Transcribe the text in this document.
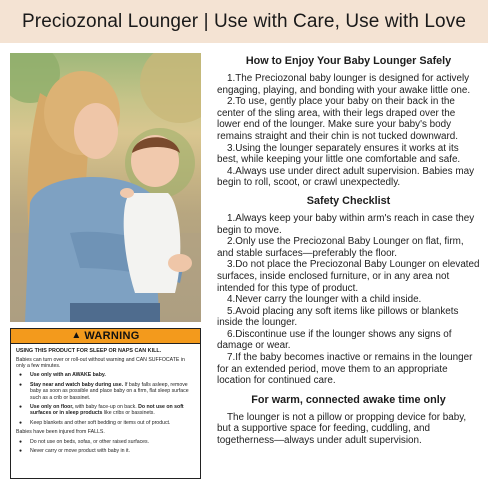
Preciozonal Lounger | Use with Care, Use with Love
▲ WARNING
USING THIS PRODUCT FOR SLEEP OR NAPS CAN KILL.
Babies can turn over or roll-out without warning and CAN SUFFOCATE in only a few minutes.
● Use only with an AWAKE baby.
● Stay near and watch baby during use. If baby falls asleep, remove baby as soon as possible and place baby on a firm, flat sleep surface such as a crib or bassinet.
● Use only on floor, with baby face-up on back. Do not use on soft surfaces or in sleep products like cribs or bassinets.
● Keep blankets and other soft bedding or items out of product.
Babies have been injured from FALLS.
● Do not use on beds, sofas, or other raised surfaces.
● Never carry or move product with baby in it.
How to Enjoy Your Baby Lounger Safely

1.The Preciozonal baby lounger is designed for actively engaging, playing, and bonding with your awake little one.

2.To use, gently place your baby on their back in the center of the sling area, with their legs draped over the lower end of the lounger. Make sure your baby's body remains straight and their chin is not tucked downward.

3.Using the lounger separately ensures it works at its best, while keeping your little one comfortable and safe.

4.Always use under direct adult supervision. Babies may begin to roll, scoot, or crawl unexpectedly.

Safety Checklist

1.Always keep your baby within arm's reach in case they begin to move.

2.Only use the Preciozonal Baby Lounger on flat, firm, and stable surfaces—preferably the floor.

3.Do not place the Preciozonal Baby Lounger on elevated surfaces, inside enclosed furniture, or in any area not intended for this type of product.

4.Never carry the lounger with a child inside.

5.Avoid placing any soft items like pillows or blankets inside the lounger.

6.Discontinue use if the lounger shows any signs of damage or wear.

7.If the baby becomes inactive or remains in the lounger for an extended period, move them to an appropriate location for continued care.

For warm, connected awake time only

The lounger is not a pillow or propping device for baby, but a supportive space for feeding, cuddling, and togetherness—always under adult supervision.
